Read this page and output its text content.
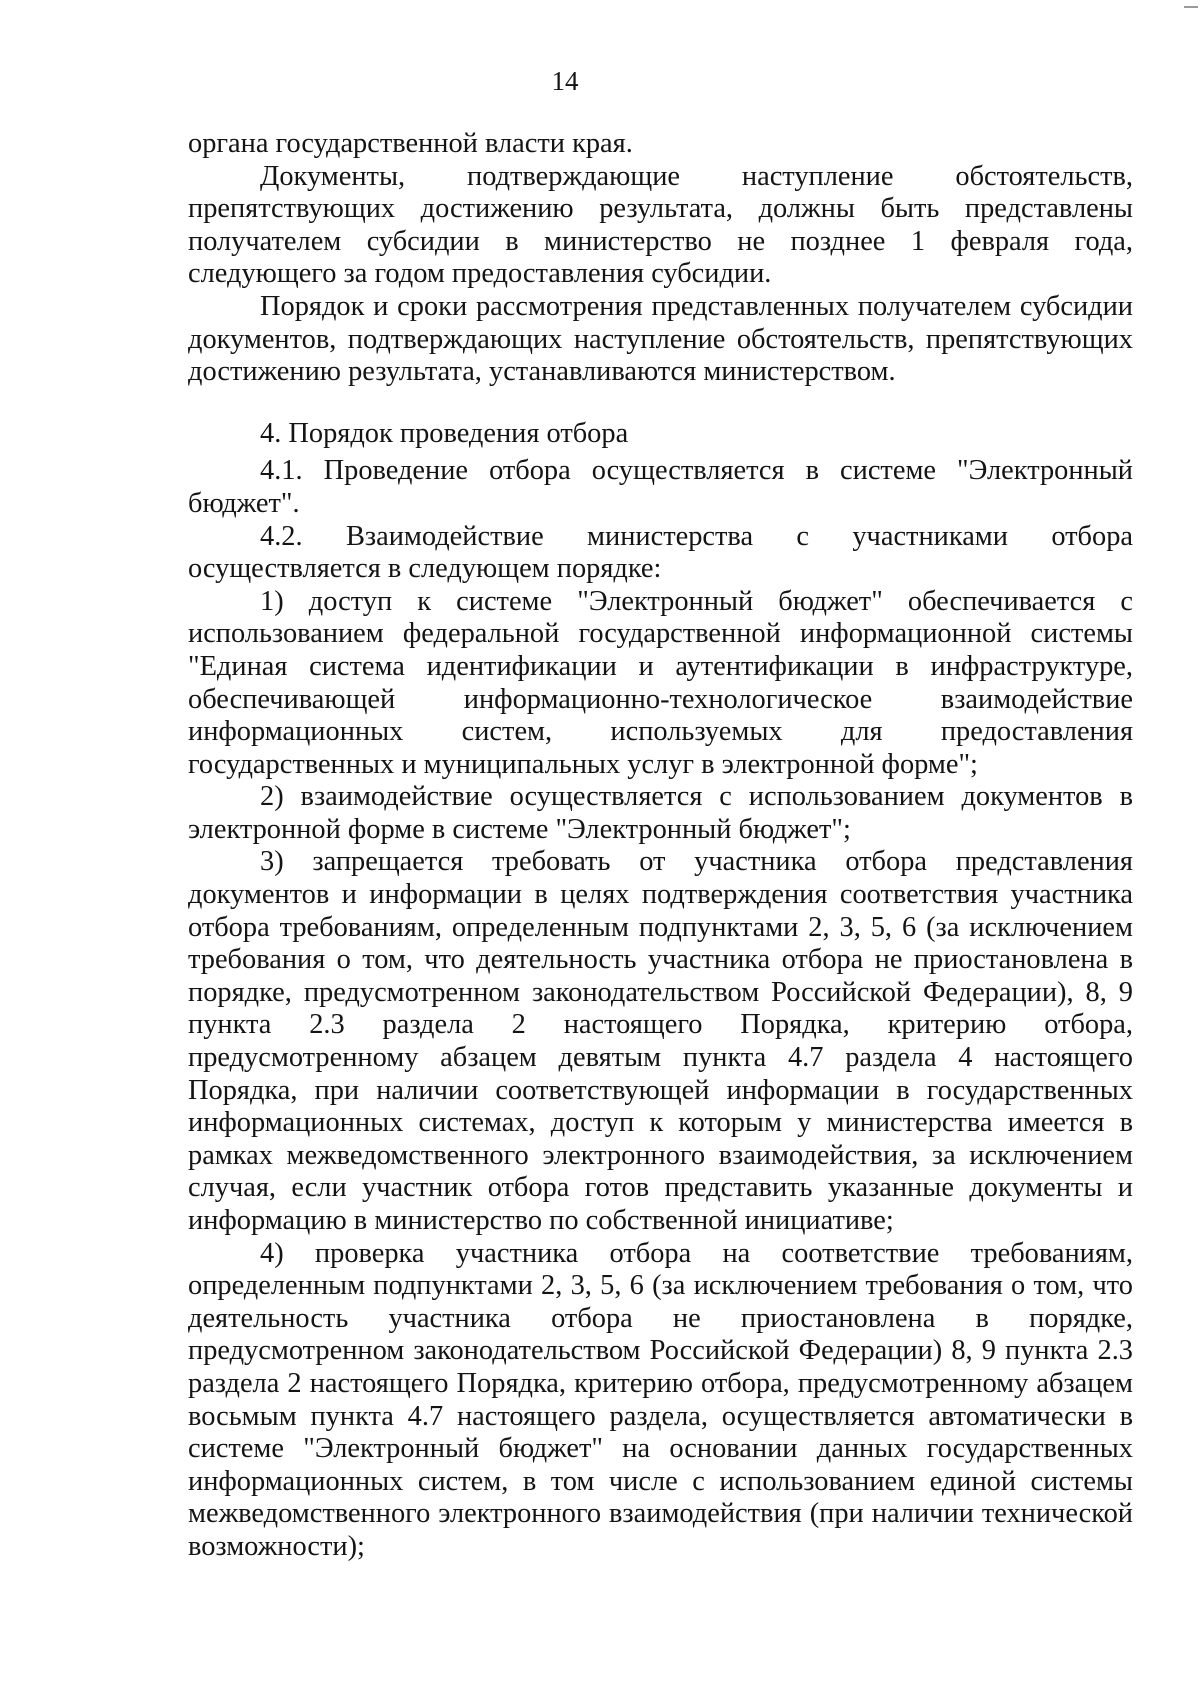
14

органа государственной власти края.

Документы, подтверждающие наступление обстоятельств, препятствующих достижению результата, должны быть представлены получателем субсидии в министерство не позднее 1 февраля года, следующего за годом предоставления субсидии.

Порядок и сроки рассмотрения представленных получателем субсидии документов, подтверждающих наступление обстоятельств, препятствующих достижению результата, устанавливаются министерством.

4. Порядок проведения отбора

4.1. Проведение отбора осуществляется в системе "Электронный бюджет".

4.2. Взаимодействие министерства с участниками отбора осуществляется в следующем порядке:

1) доступ к системе "Электронный бюджет" обеспечивается с использованием федеральной государственной информационной системы "Единая система идентификации и аутентификации в инфраструктуре, обеспечивающей информационно-технологическое взаимодействие информационных систем, используемых для предоставления государственных и муниципальных услуг в электронной форме";

2) взаимодействие осуществляется с использованием документов в электронной форме в системе "Электронный бюджет";

3) запрещается требовать от участника отбора представления документов и информации в целях подтверждения соответствия участника отбора требованиям, определенным подпунктами 2, 3, 5, 6 (за исключением требования о том, что деятельность участника отбора не приостановлена в порядке, предусмотренном законодательством Российской Федерации), 8, 9 пункта 2.3 раздела 2 настоящего Порядка, критерию отбора, предусмотренному абзацем девятым пункта 4.7 раздела 4 настоящего Порядка, при наличии соответствующей информации в государственных информационных системах, доступ к которым у министерства имеется в рамках межведомственного электронного взаимодействия, за исключением случая, если участник отбора готов представить указанные документы и информацию в министерство по собственной инициативе;

4) проверка участника отбора на соответствие требованиям, определенным подпунктами 2, 3, 5, 6 (за исключением требования о том, что деятельность участника отбора не приостановлена в порядке, предусмотренном законодательством Российской Федерации) 8, 9 пункта 2.3 раздела 2 настоящего Порядка, критерию отбора, предусмотренному абзацем восьмым пункта 4.7 настоящего раздела, осуществляется автоматически в системе "Электронный бюджет" на основании данных государственных информационных систем, в том числе с использованием единой системы межведомственного электронного взаимодействия (при наличии технической возможности);
